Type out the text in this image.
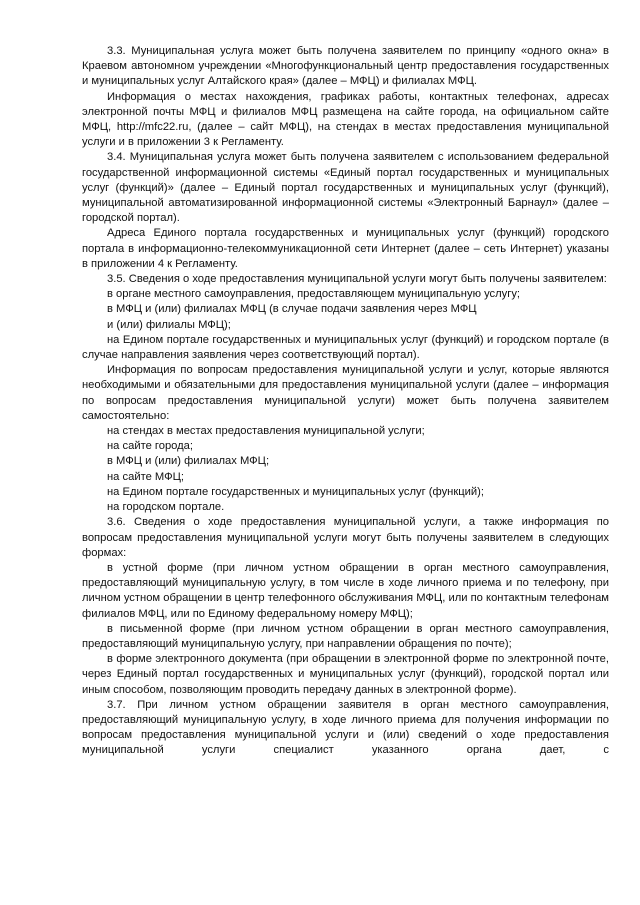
3.3. Муниципальная услуга может быть получена заявителем по принципу «одного окна» в Краевом автономном учреждении «Многофункциональный центр предоставления государственных и муниципальных услуг Алтайского края» (далее – МФЦ) и филиалах МФЦ.

Информация о местах нахождения, графиках работы, контактных телефонах, адресах электронной почты МФЦ и филиалов МФЦ размещена на сайте города, на официальном сайте МФЦ, http://mfc22.ru, (далее – сайт МФЦ), на стендах в местах предоставления муниципальной услуги и в приложении 3 к Регламенту.

3.4. Муниципальная услуга может быть получена заявителем с использованием федеральной государственной информационной системы «Единый портал государственных и муниципальных услуг (функций)» (далее – Единый портал государственных и муниципальных услуг (функций), муниципальной автоматизированной информационной системы «Электронный Барнаул» (далее – городской портал).

Адреса Единого портала государственных и муниципальных услуг (функций) городского портала в информационно-телекоммуникационной сети Интернет (далее – сеть Интернет) указаны в приложении 4 к Регламенту.

3.5. Сведения о ходе предоставления муниципальной услуги могут быть получены заявителем:

в органе местного самоуправления, предоставляющем муниципальную услугу;

в МФЦ и (или) филиалах МФЦ (в случае подачи заявления через МФЦ

и (или) филиалы МФЦ);

на Едином портале государственных и муниципальных услуг (функций) и городском портале (в случае направления заявления через соответствующий портал).

Информация по вопросам предоставления муниципальной услуги и услуг, которые являются необходимыми и обязательными для предоставления муниципальной услуги (далее – информация по вопросам предоставления муниципальной услуги) может быть получена заявителем самостоятельно:

на стендах в местах предоставления муниципальной услуги;

на сайте города;

в МФЦ и (или) филиалах МФЦ;

на сайте МФЦ;

на Едином портале государственных и муниципальных услуг (функций);

на городском портале.

3.6. Сведения о ходе предоставления муниципальной услуги, а также информация по вопросам предоставления муниципальной услуги могут быть получены заявителем в следующих формах:

в устной форме (при личном устном обращении в орган местного самоуправления, предоставляющий муниципальную услугу, в том числе в ходе личного приема и по телефону, при личном устном обращении в центр телефонного обслуживания МФЦ, или по контактным телефонам филиалов МФЦ, или по Единому федеральному номеру МФЦ);

в письменной форме (при личном устном обращении в орган местного самоуправления, предоставляющий муниципальную услугу, при направлении обращения по почте);

в форме электронного документа (при обращении в электронной форме по электронной почте, через Единый портал государственных и муниципальных услуг (функций), городской портал или иным способом, позволяющим проводить передачу данных в электронной форме).

3.7. При личном устном обращении заявителя в орган местного самоуправления, предоставляющий муниципальную услугу, в ходе личного приема для получения информации по вопросам предоставления муниципальной услуги и (или) сведений о ходе предоставления муниципальной услуги специалист указанного органа дает, с
